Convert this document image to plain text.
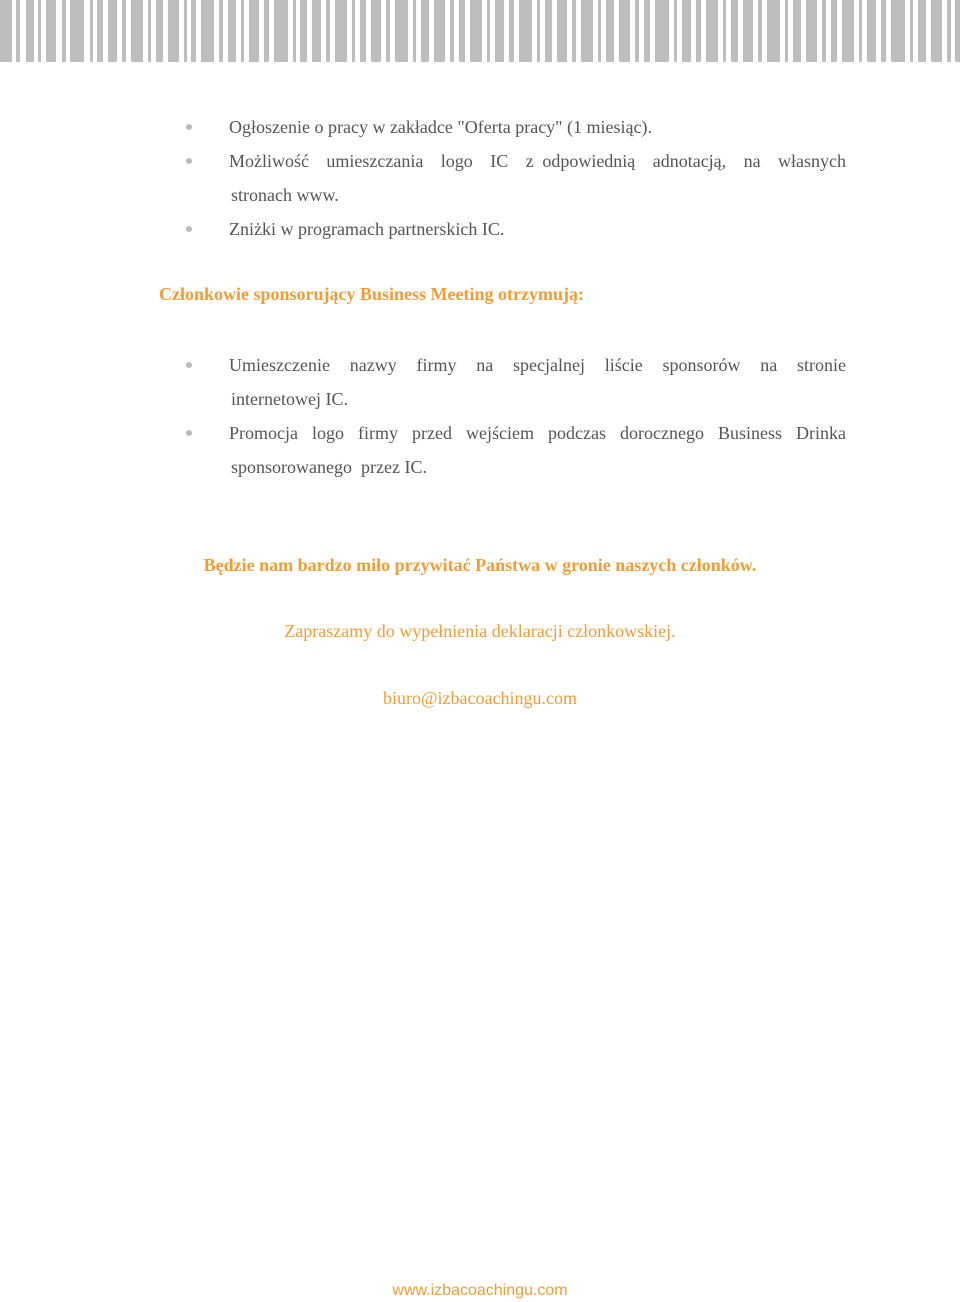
Ogłoszenie o pracy w zakładce "Oferta pracy" (1 miesiąc).
Możliwość  umieszczania  logo  IC  z odpowiednią  adnotacją,  na  własnych
stronach www.
Zniżki w programach partnerskich IC.
Członkowie sponsorujący Business Meeting otrzymują:
Umieszczenie  nazwy  firmy  na  specjalnej  liście  sponsorów  na  stronie
internetowej IC.
Promocja  logo  firmy  przed  wejściem  podczas  dorocznego  Business  Drinka
sponsorowanego  przez IC.
Będzie nam bardzo miło przywitać Państwa w gronie naszych członków.
Zapraszamy do wypełnienia deklaracji członkowskiej.
biuro@izbacoachingu.com
www.izbacoachingu.com
